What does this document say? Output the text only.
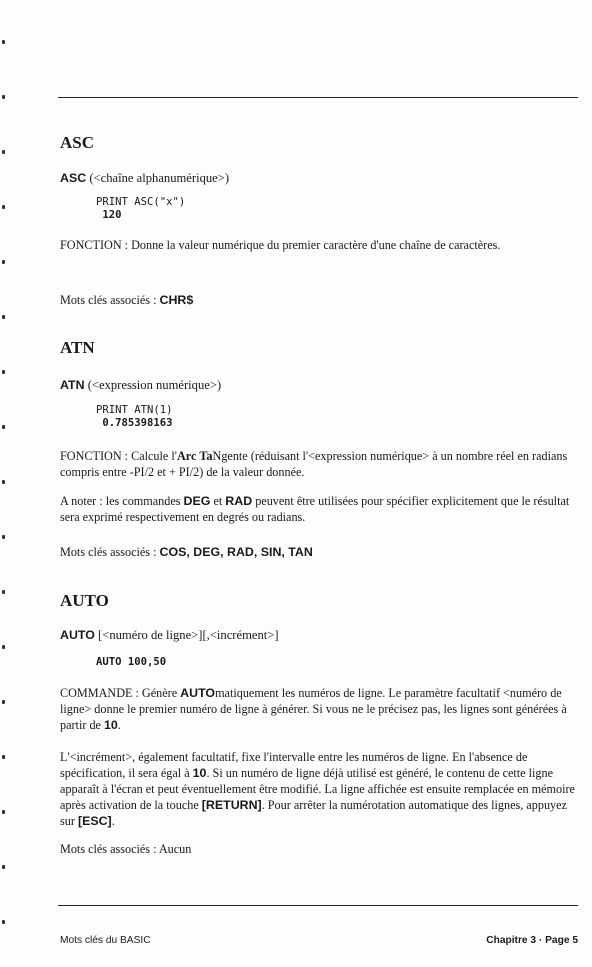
ASC

ASC (<chaîne alphanumérique>)

PRINT ASC("x")
120

FONCTION : Donne la valeur numérique du premier caractère d'une chaîne de caractères.

Mots clés associés : CHR$

ATN

ATN (<expression numérique>)

PRINT ATN(1)
0.785398163

FONCTION : Calcule l'Arc TaNgente (réduisant l'<expression numérique> à un nombre réel en radians compris entre -PI/2 et + PI/2) de la valeur donnée.

A noter : les commandes DEG et RAD peuvent être utilisées pour spécifier explicitement que le résultat sera exprimé respectivement en degrés ou radians.

Mots clés associés : COS, DEG, RAD, SIN, TAN

AUTO

AUTO [<numéro de ligne>][,<incrément>]

AUTO 100,50

COMMANDE : Génère AUTOmatiquement les numéros de ligne. Le paramètre facultatif <numéro de ligne> donne le premier numéro de ligne à générer. Si vous ne le précisez pas, les lignes sont générées à partir de 10.

L'<incrément>, également facultatif, fixe l'intervalle entre les numéros de ligne. En l'absence de spécification, il sera égal à 10. Si un numéro de ligne déjà utilisé est généré, le contenu de cette ligne apparaît à l'écran et peut éventuellement être modifié. La ligne affichée est ensuite remplacée en mémoire après activation de la touche [RETURN]. Pour arrêter la numérotation automatique des lignes, appuyez sur [ESC].

Mots clés associés : Aucun

Mots clés du BASIC	Chapitre 3 · Page 5
